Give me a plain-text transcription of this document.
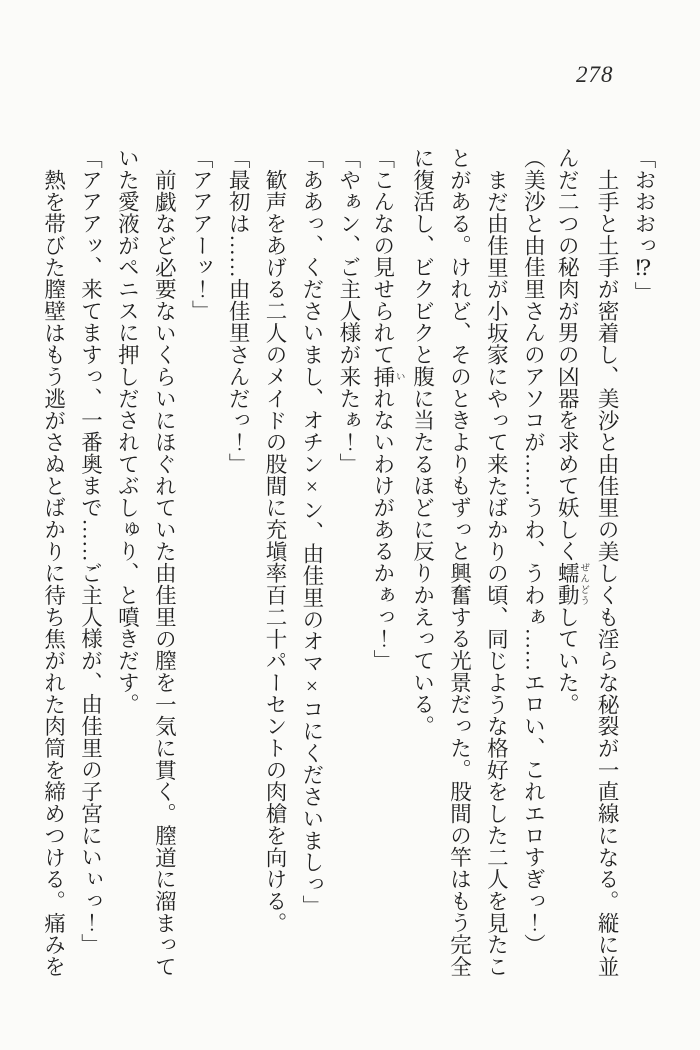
278

「おおおっ⁉」

土手と土手が密着し、美沙と由佳里の美しくも淫らな秘裂が一直線になる。縦に並

んだ二つの秘肉が男の凶器を求めて妖しく蠕動 ぜんどうしていた。

（美沙と由佳里さんのアソコが……うわ、うわぁ……エロい、これエロすぎっ！）

まだ由佳里が小坂家にやって来たばかりの頃、同じような格好をした二人を見たこ

とがある。けれど、そのときよりもずっと興奮する光景だった。股間の竿はもう完全

に復活し、ビクビクと腹に当たるほどに反りかえっている。

「こんなの見せられて挿 いれないわけがあるかぁっ！」

「やぁン、ご主人様が来たぁ！」

「ああっ、くださいまし、オチン×ン、由佳里のオマ×コにくださいましっ」

歓声をあげる二人のメイドの股間に充塡率百二十パーセントの肉槍を向ける。

「最初は……由佳里さんだっ！」

「アアアーッ！」

前戯など必要ないくらいにほぐれていた由佳里の膣を一気に貫く。膣道に溜まって

いた愛液がペニスに押しだされてぶしゅり、と噴きだす。

「アアアッ、来てますっ、一番奥まで……ご主人様が、由佳里の子宮にいぃっ！」

熱を帯びた膣壁はもう逃がさぬとばかりに待ち焦がれた肉筒を締めつける。痛みを
